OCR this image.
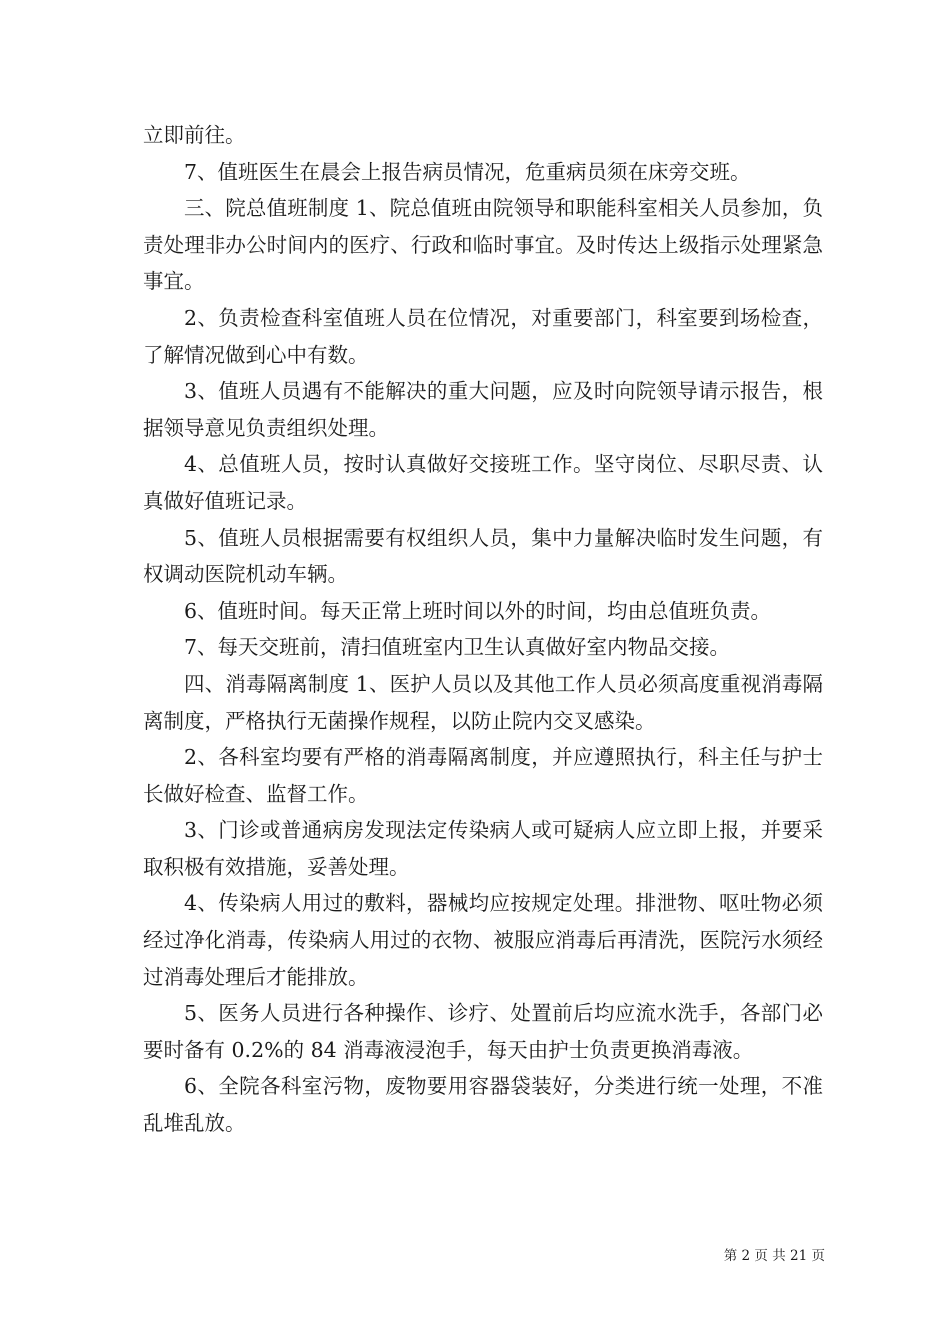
立即前往。

7、值班医生在晨会上报告病员情况，危重病员须在床旁交班。

三、院总值班制度 1、院总值班由院领导和职能科室相关人员参加，负责处理非办公时间内的医疗、行政和临时事宜。及时传达上级指示处理紧急事宜。

2、负责检查科室值班人员在位情况，对重要部门，科室要到场检查，了解情况做到心中有数。

3、值班人员遇有不能解决的重大问题，应及时向院领导请示报告，根据领导意见负责组织处理。

4、总值班人员，按时认真做好交接班工作。坚守岗位、尽职尽责、认真做好值班记录。

5、值班人员根据需要有权组织人员，集中力量解决临时发生问题，有权调动医院机动车辆。

6、值班时间。每天正常上班时间以外的时间，均由总值班负责。

7、每天交班前，清扫值班室内卫生认真做好室内物品交接。

四、消毒隔离制度 1、医护人员以及其他工作人员必须高度重视消毒隔离制度，严格执行无菌操作规程，以防止院内交叉感染。

2、各科室均要有严格的消毒隔离制度，并应遵照执行，科主任与护士长做好检查、监督工作。

3、门诊或普通病房发现法定传染病人或可疑病人应立即上报，并要采取积极有效措施，妥善处理。

4、传染病人用过的敷料，器械均应按规定处理。排泄物、呕吐物必须经过净化消毒，传染病人用过的衣物、被服应消毒后再清洗，医院污水须经过消毒处理后才能排放。

5、医务人员进行各种操作、诊疗、处置前后均应流水洗手，各部门必要时备有 0.2%的 84 消毒液浸泡手，每天由护士负责更换消毒液。

6、全院各科室污物，废物要用容器袋装好，分类进行统一处理，不准乱堆乱放。

第 2 页 共 21 页
